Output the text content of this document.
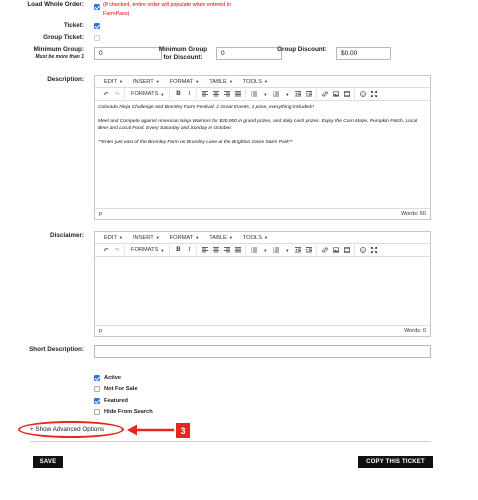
Load Whole Order:	(If checked, entire order will populate when entered in FarmPass)
Ticket:
Group Ticket:
Minimum Group:
Must be more than 1	0
Minimum Group for Discount:
0
Group Discount:
$0.00
Description:	EDIT ▼ INSERT ▼ FORMAT ▼ TABLE ▼ TOOLS ▼
↶ ↷	FORMATS ▼	B	I	▼	▼

Colorado Ninja Challenge and Bromley Farm Festival: 2 Great Events, 1 price, everything included!!

Meet and Compete against American Ninja Warriors for $20,000 in grand prizes, and daily cash prizes. Enjoy the Corn Maze, Pumpkin Patch, Local Beer and Local Food. Every Saturday and Sunday in October.

**Enter just east of the Bromley Farm on Bromley Lane at the Brighton Oasis Swim Park**

p	Words: 60
Disclaimer:	EDIT ▼ INSERT ▼ FORMAT ▼ TABLE ▼ TOOLS ▼
↶ ↷	FORMATS ▼	B	I	▼	▼
p	Words: 0
Short Description:
Active
Not For Sale
Featured
Hide From Search
+ Show Advanced Options	3
SAVE	COPY THIS TICKET
